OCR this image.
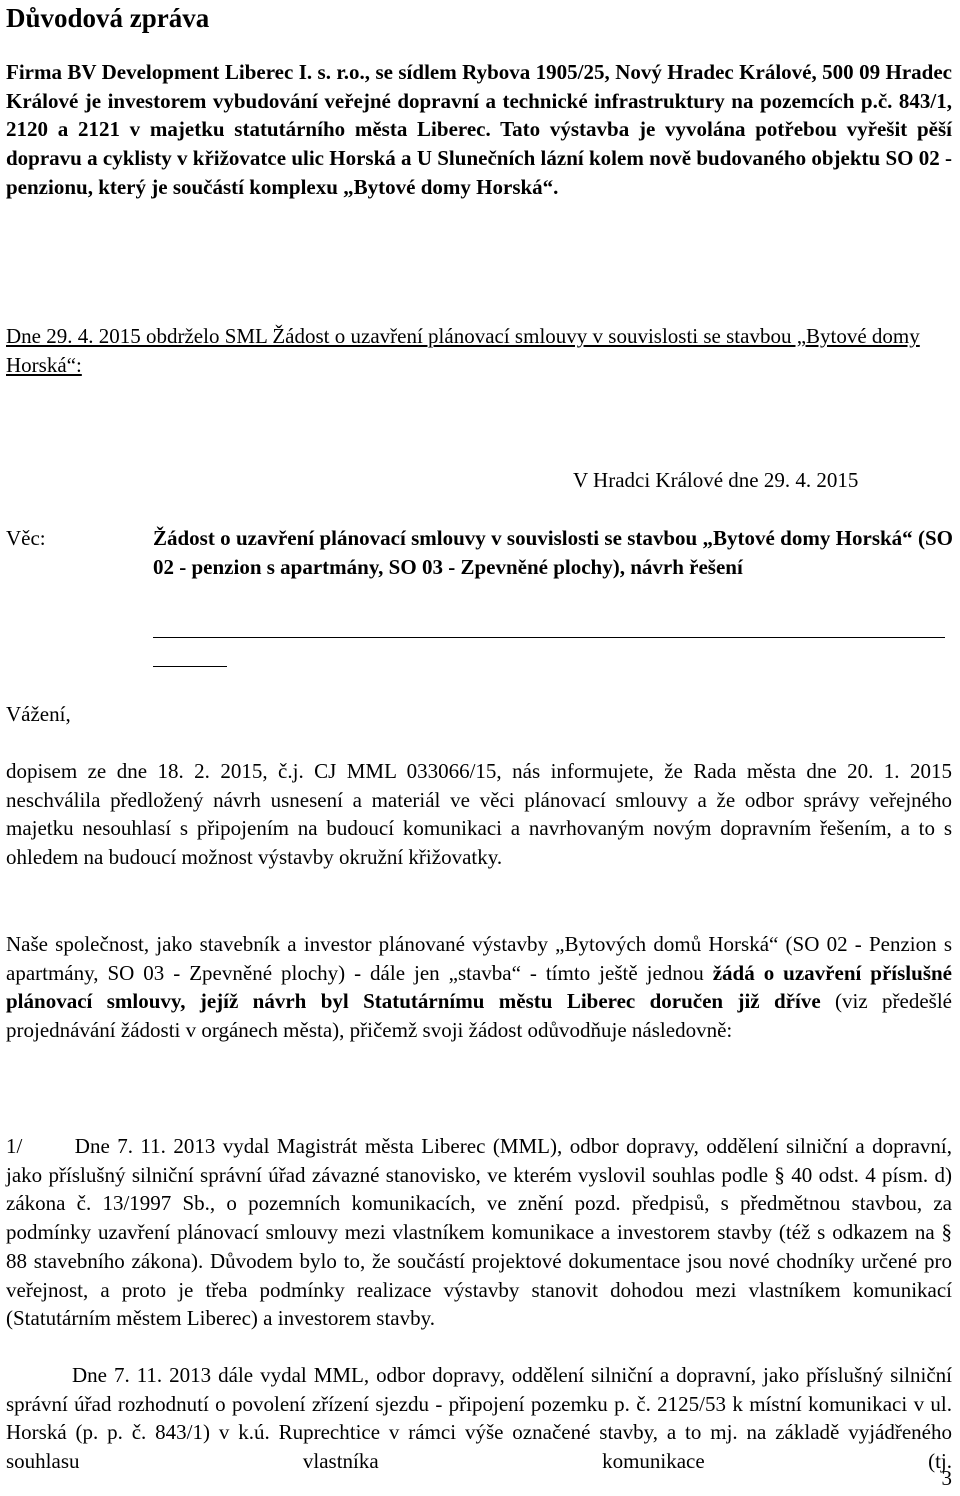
Důvodová zpráva
Firma BV Development Liberec I. s. r.o., se sídlem Rybova 1905/25, Nový Hradec Králové, 500 09 Hradec Králové je investorem vybudování veřejné dopravní a technické infrastruktury na pozemcích p.č. 843/1, 2120 a 2121 v majetku statutárního města Liberec. Tato výstavba je vyvolána potřebou vyřešit pěší dopravu a cyklisty v křižovatce ulic Horská a U Slunečních lázní kolem nově budovaného objektu SO 02 - penzionu, který je součástí komplexu „Bytové domy Horská“.
Dne 29. 4. 2015 obdrželo SML Žádost o uzavření plánovací smlouvy v souvislosti se stavbou „Bytové domy Horská“:
V Hradci Králové dne 29. 4. 2015
Věc:	Žádost o uzavření plánovací smlouvy v souvislosti se stavbou „Bytové domy Horská“ (SO 02 - penzion s apartmány, SO 03 - Zpevněné plochy), návrh řešení
Vážení,
dopisem ze dne 18. 2. 2015, č.j. CJ MML 033066/15, nás informujete, že Rada města dne 20. 1. 2015 neschválila předložený návrh usnesení a materiál ve věci plánovací smlouvy a že odbor správy veřejného majetku nesouhlasí s připojením na budoucí komunikaci a navrhovaným novým dopravním řešením, a to s ohledem na budoucí možnost výstavby okružní křižovatky.
Naše společnost, jako stavebník a investor plánované výstavby „Bytových domů Horská“ (SO 02 - Penzion s apartmány, SO 03 - Zpevněné plochy) - dále jen „stavba“ - tímto ještě jednou žádá o uzavření příslušné plánovací smlouvy, jejíž návrh byl Statutárnímu městu Liberec doručen již dříve (viz předešlé projednávání žádosti v orgánech města), přičemž svoji žádost odůvodňuje následovně:
1/ Dne 7. 11. 2013 vydal Magistrát města Liberec (MML), odbor dopravy, oddělení silniční a dopravní, jako příslušný silniční správní úřad závazné stanovisko, ve kterém vyslovil souhlas podle § 40 odst. 4 písm. d) zákona č. 13/1997 Sb., o pozemních komunikacích, ve znění pozd. předpisů, s předmětnou stavbou, za podmínky uzavření plánovací smlouvy mezi vlastníkem komunikace a investorem stavby (též s odkazem na § 88 stavebního zákona). Důvodem bylo to, že součástí projektové dokumentace jsou nové chodníky určené pro veřejnost, a proto je třeba podmínky realizace výstavby stanovit dohodou mezi vlastníkem komunikací (Statutárním městem Liberec) a investorem stavby.
Dne 7. 11. 2013 dále vydal MML, odbor dopravy, oddělení silniční a dopravní, jako příslušný silniční správní úřad rozhodnutí o povolení zřízení sjezdu - připojení pozemku p. č. 2125/53 k místní komunikaci v ul. Horská (p. p. č. 843/1) v k.ú. Ruprechtice v rámci výše označené stavby, a to mj. na základě vyjádřeného souhlasu vlastníka komunikace (tj.
3
